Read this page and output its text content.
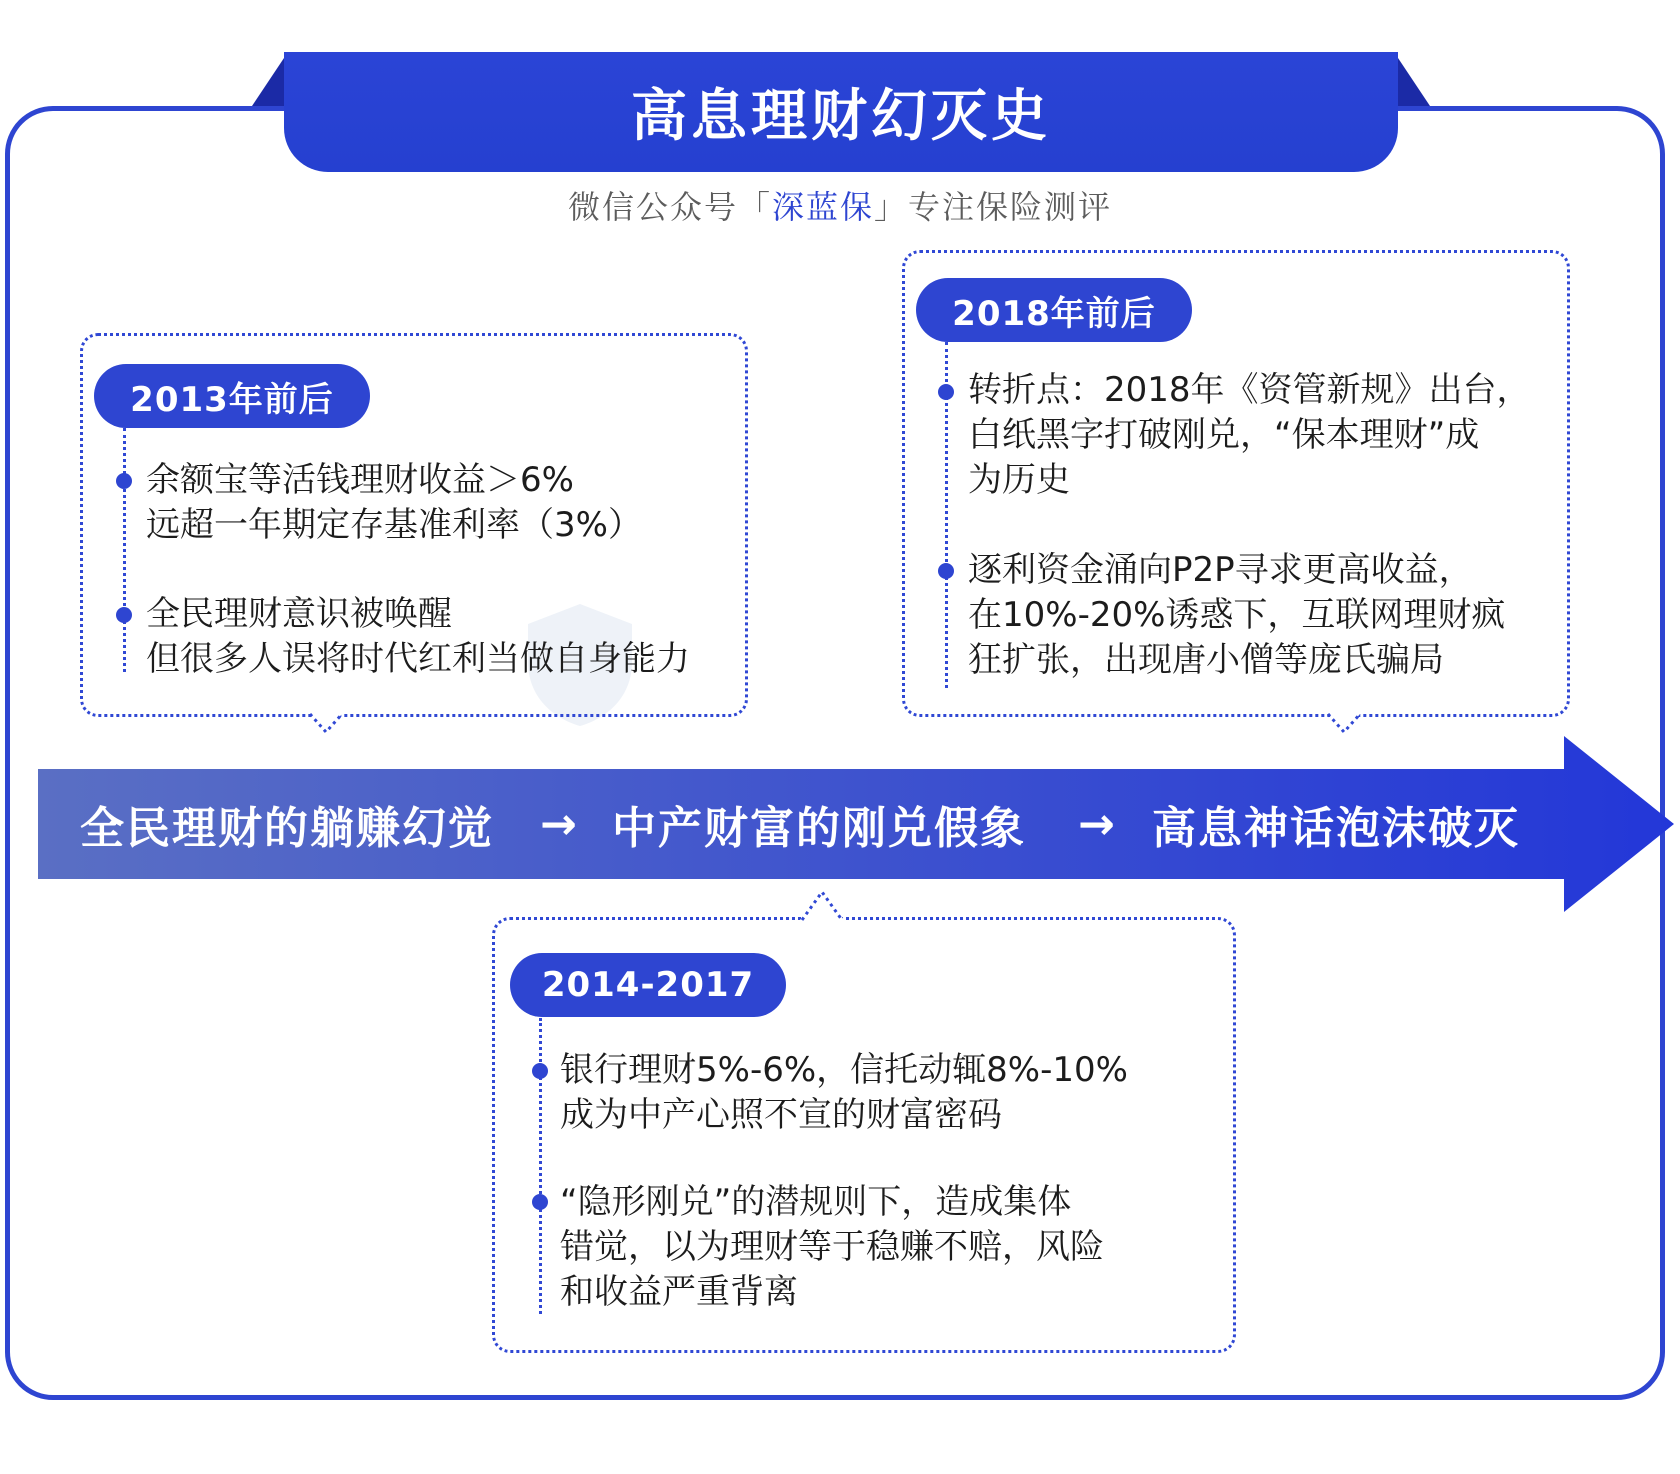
高息理财幻灭史
微信公众号「深蓝保」专注保险测评
2013年前后
余额宝等活钱理财收益＞6%
远超一年期定存基准利率（3%）
全民理财意识被唤醒
但很多人误将时代红利当做自身能力
2018年前后
转折点：2018年《资管新规》出台，
白纸黑字打破刚兑，“保本理财”成
为历史
逐利资金涌向P2P寻求更高收益，
在10%-20%诱惑下，互联网理财疯
狂扩张，出现唐小僧等庞氏骗局
全民理财的躺赚幻觉 → 中产财富的刚兑假象 → 高息神话泡沫破灭
2014-2017
银行理财5%-6%，信托动辄8%-10%
成为中产心照不宣的财富密码
“隐形刚兑”的潜规则下，造成集体
错觉，以为理财等于稳赚不赔，风险
和收益严重背离
